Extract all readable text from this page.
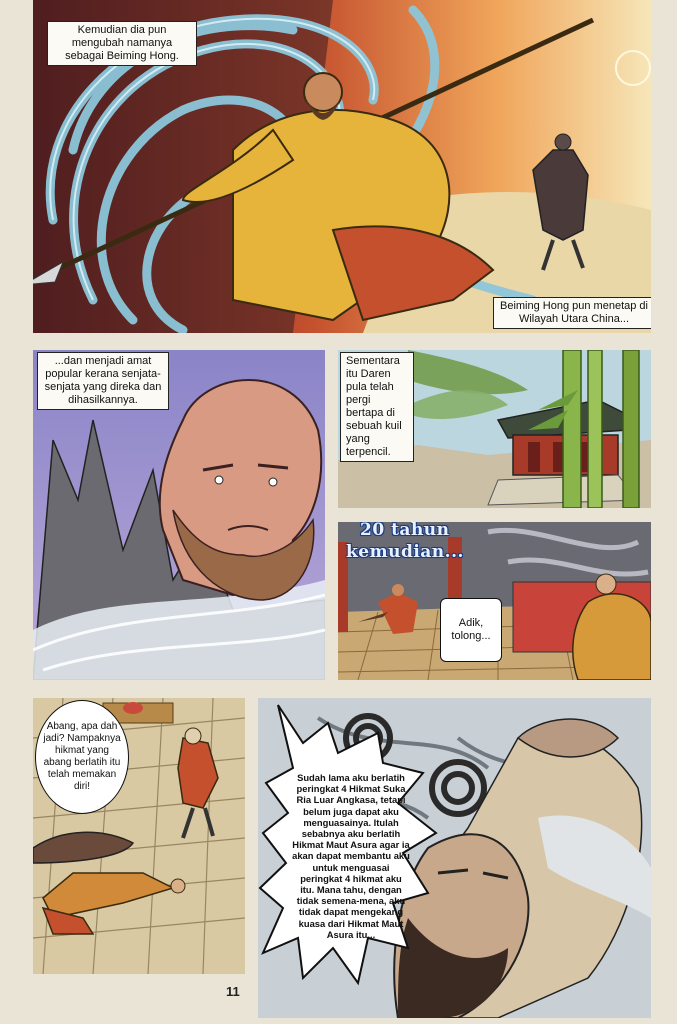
Kemudian dia pun mengubah namanya sebagai Beiming Hong.
Beiming Hong pun menetap di Wilayah Utara China...
...dan menjadi amat popular kerana senjata-senjata yang direka dan dihasilkannya.
Sementara itu Daren pula telah pergi bertapa di sebuah kuil yang terpencil.
20 tahun
kemudian...
Adik, tolong...
Abang, apa dah jadi? Nampaknya hikmat yang abang berlatih itu telah memakan diri!
Sudah lama aku berlatih peringkat 4 Hikmat Suka Ria Luar Angkasa, tetapi belum juga dapat aku menguasainya. Itulah sebabnya aku berlatih Hikmat Maut Asura agar ia akan dapat membantu aku untuk menguasai peringkat 4 hikmat aku itu. Mana tahu, dengan tidak semena-mena, aku tidak dapat mengekang kuasa dari Hikmat Maut Asura itu...
11
